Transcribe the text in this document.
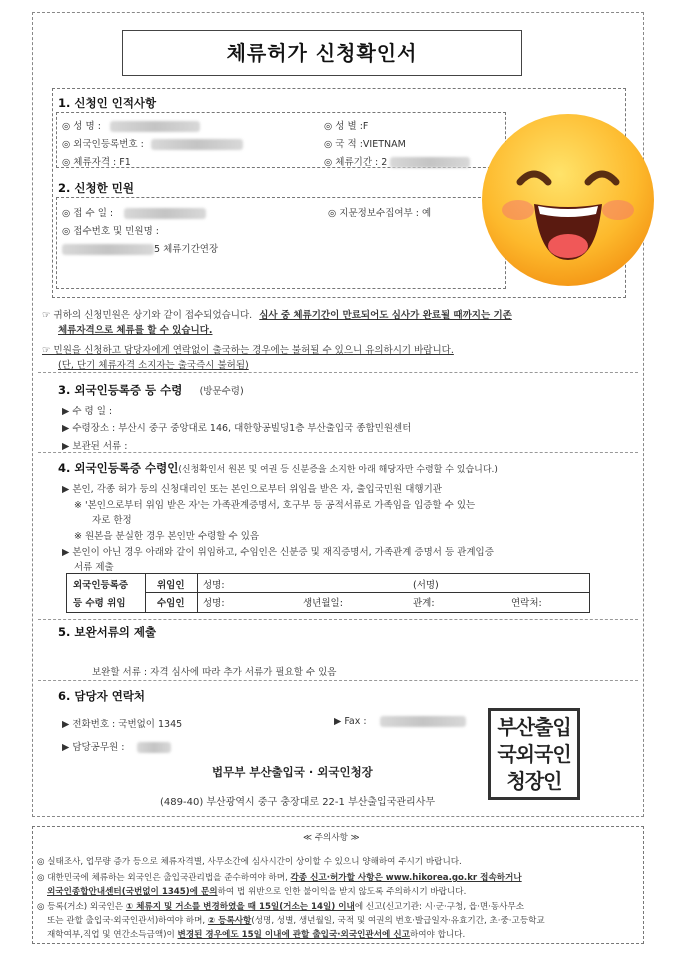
체류허가 신청확인서
1. 신청인 인적사항
◎ 성 명 :	◎ 성 별 :F
◎ 외국인등록번호 :	◎ 국 적 :VIETNAM
◎ 체류자격 : F1	◎ 체류기간 : 2
2. 신청한 민원
◎ 접 수 일 :	◎ 지문정보수집여부 : 예
◎ 접수번호 및 민원명 :
5 체류기간연장
☞ 귀하의 신청민원은 상기와 같이 접수되었습니다. 심사 중 체류기간이 만료되어도 심사가 완료될 때까지는 기존
체류자격으로 체류를 할 수 있습니다.
☞ 민원을 신청하고 담당자에게 연락없이 출국하는 경우에는 불허될 수 있으니 유의하시기 바랍니다.
(단, 단기 체류자격 소지자는 출국즉시 불허됨)
3. 외국인등록증 등 수령 (방문수령)
▶ 수 령 일 :
▶ 수령장소 : 부산시 중구 중앙대로 146, 대한항공빌딩1층 부산출입국 종합민원센터
▶ 보관된 서류 :
4. 외국인등록증 수령인(신청확인서 원본 및 여권 등 신분증을 소지한 아래 해당자만 수령할 수 있습니다.)
▶ 본인, 각종 허가 등의 신청대리인 또는 본인으로부터 위임을 받은 자, 출입국민원 대행기관
※ '본인으로부터 위임 받은 자'는 가족관계증명서, 호구부 등 공적서류로 가족임을 입증할 수 있는
자로 한정
※ 원본을 분실한 경우 본인만 수령할 수 있음
▶ 본인이 아닌 경우 아래와 같이 위임하고, 수임인은 신분증 및 재직증명서, 가족관계 증명서 등 관계입증
서류 제출
외국인등록증
등 수령 위임
위임인 성명:	(서명)
수임인 성명:	생년월일:	관계:	연락처:
5. 보완서류의 제출
보완할 서류 : 자격 심사에 따라 추가 서류가 필요할 수 있음
6. 담당자 연락처
▶ 전화번호 : 국번없이 1345	▶ Fax :
▶ 담당공무원 :
법무부 부산출입국 · 외국인청장
(489-40) 부산광역시 중구 충장대로 22-1 부산출입국관리사무
부산출입
국외국인
청장인
≪ 주의사항 ≫
◎ 실태조사, 업무량 증가 등으로 체류자격별, 사무소간에 심사시간이 상이할 수 있으니 양해하여 주시기 바랍니다.
◎ 대한민국에 체류하는 외국인은 출입국관리법을 준수하여야 하며, 각종 신고·허가할 사항은 www.hikorea.go.kr 접속하거나
외국인종합안내센터(국번없이 1345)에 문의하여 법 위반으로 인한 불이익을 받지 않도록 주의하시기 바랍니다.
◎ 등록(거소) 외국인은 ① 체류지 및 거소를 변경하였을 때 15일(거소는 14일) 이내에 신고(신고기관: 시·군·구청, 읍·면·동사무소
또는 관할 출입국·외국인관서)하여야 하며, ② 등록사항(성명, 성별, 생년월일, 국적 및 여권의 번호·발급일자·유효기간, 초·중·고등학교
재학여부,직업 및 연간소득금액)이 변경된 경우에도 15일 이내에 관할 출입국·외국인관서에 신고하여야 합니다.
